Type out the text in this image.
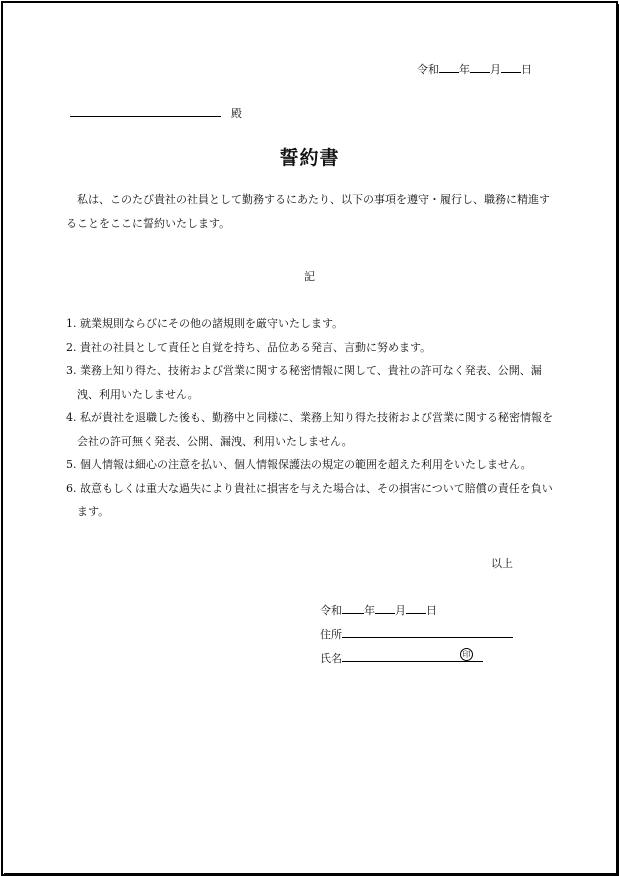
令和 年 月 日
殿
誓約書
私は、このたび貴社の社員として勤務するにあたり、以下の事項を遵守・履行し、職務に精進することをここに誓約いたします。
記
1. 就業規則ならびにその他の諸規則を厳守いたします。
2. 貴社の社員として責任と自覚を持ち、品位ある発言、言動に努めます。
3. 業務上知り得た、技術および営業に関する秘密情報に関して、貴社の許可なく発表、公開、漏洩、利用いたしません。
4. 私が貴社を退職した後も、勤務中と同様に、業務上知り得た技術および営業に関する秘密情報を会社の許可無く発表、公開、漏洩、利用いたしません。
5. 個人情報は細心の注意を払い、個人情報保護法の規定の範囲を超えた利用をいたしません。
6. 故意もしくは重大な過失により貴社に損害を与えた場合は、その損害について賠償の責任を負います。
以上
令和 年 月 日
住所
氏名	印
